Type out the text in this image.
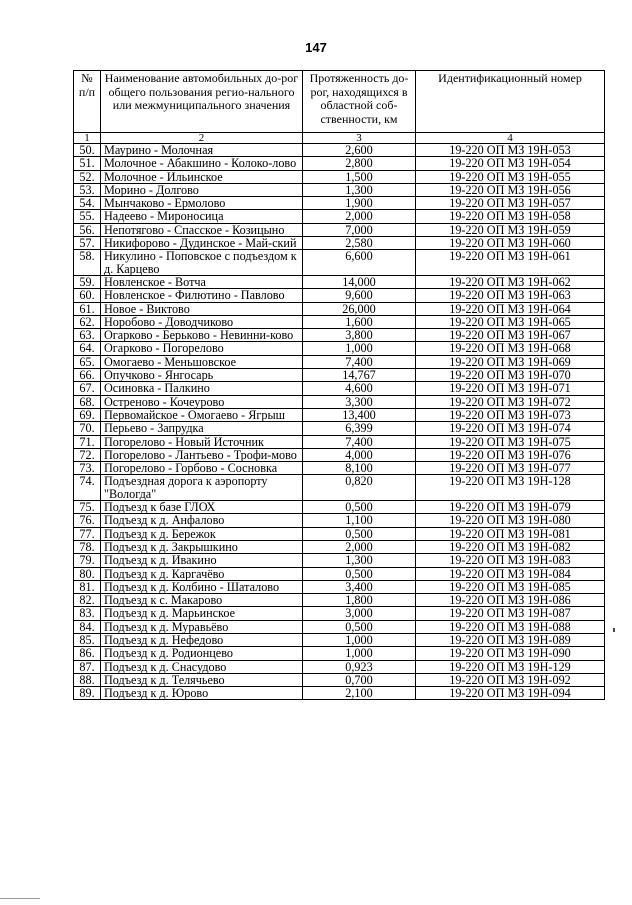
147
№ п/п	Наименование автомобильных до-рог общего пользования регио-нального или межмуниципального значения	Протяженность до-рог, находящихся в областной соб-ственности, км	Идентификационный номер
1	2	3	4
50.	Маурино - Молочная	2,600	19-220 ОП МЗ 19Н-053
51.	Молочное - Абакшино - Колоко-лово	2,800	19-220 ОП МЗ 19Н-054
52.	Молочное - Ильинское	1,500	19-220 ОП МЗ 19Н-055
53.	Морино - Долгово	1,300	19-220 ОП МЗ 19Н-056
54.	Мынчаково - Ермолово	1,900	19-220 ОП МЗ 19Н-057
55.	Надеево - Мироносица	2,000	19-220 ОП МЗ 19Н-058
56.	Непотягово - Спасское - Козицыно	7,000	19-220 ОП МЗ 19Н-059
57.	Никифорово - Дудинское - Май-ский	2,580	19-220 ОП МЗ 19Н-060
58.	Никулино - Поповское с подъездом к д. Карцево	6,600	19-220 ОП МЗ 19Н-061
59.	Новленское - Вотча	14,000	19-220 ОП МЗ 19Н-062
60.	Новленское - Филютино - Павлово	9,600	19-220 ОП МЗ 19Н-063
61.	Новое - Виктово	26,000	19-220 ОП МЗ 19Н-064
62.	Норобово - Доводчиково	1,600	19-220 ОП МЗ 19Н-065
63.	Огарково - Берьково - Невинни-ково	3,800	19-220 ОП МЗ 19Н-067
64.	Огарково - Погорелово	1,000	19-220 ОП МЗ 19Н-068
65.	Омогаево - Меньшовское	7,400	19-220 ОП МЗ 19Н-069
66.	Опучково - Янгосарь	14,767	19-220 ОП МЗ 19Н-070
67.	Осиновка - Палкино	4,600	19-220 ОП МЗ 19Н-071
68.	Остреново - Кочеурово	3,300	19-220 ОП МЗ 19Н-072
69.	Первомайское - Омогаево - Ягрыш	13,400	19-220 ОП МЗ 19Н-073
70.	Перьево - Запрудка	6,399	19-220 ОП МЗ 19Н-074
71.	Погорелово - Новый Источник	7,400	19-220 ОП МЗ 19Н-075
72.	Погорелово - Лантьево - Трофи-мово	4,000	19-220 ОП МЗ 19Н-076
73.	Погорелово - Горбово - Сосновка	8,100	19-220 ОП МЗ 19Н-077
74.	Подъездная дорога к аэропорту "Вологда"	0,820	19-220 ОП МЗ 19Н-128
75.	Подъезд к базе ГЛОХ	0,500	19-220 ОП МЗ 19Н-079
76.	Подъезд к д. Анфалово	1,100	19-220 ОП МЗ 19Н-080
77.	Подъезд к д. Бережок	0,500	19-220 ОП МЗ 19Н-081
78.	Подъезд к д. Закрышкино	2,000	19-220 ОП МЗ 19Н-082
79.	Подъезд к д. Ивакино	1,300	19-220 ОП МЗ 19Н-083
80.	Подъезд к д. Каргачёво	0,500	19-220 ОП МЗ 19Н-084
81.	Подъезд к д. Колбино - Шаталово	3,400	19-220 ОП МЗ 19Н-085
82.	Подъезд к с. Макарово	1,800	19-220 ОП МЗ 19Н-086
83.	Подъезд к д. Марьинское	3,000	19-220 ОП МЗ 19Н-087
84.	Подъезд к д. Муравьёво	0,500	19-220 ОП МЗ 19Н-088
85.	Подъезд к д. Нефедово	1,000	19-220 ОП МЗ 19Н-089
86.	Подъезд к д. Родионцево	1,000	19-220 ОП МЗ 19Н-090
87.	Подъезд к д. Снасудово	0,923	19-220 ОП МЗ 19Н-129
88.	Подъезд к д. Телячьево	0,700	19-220 ОП МЗ 19Н-092
89.	Подъезд к д. Юрово	2,100	19-220 ОП МЗ 19Н-094
